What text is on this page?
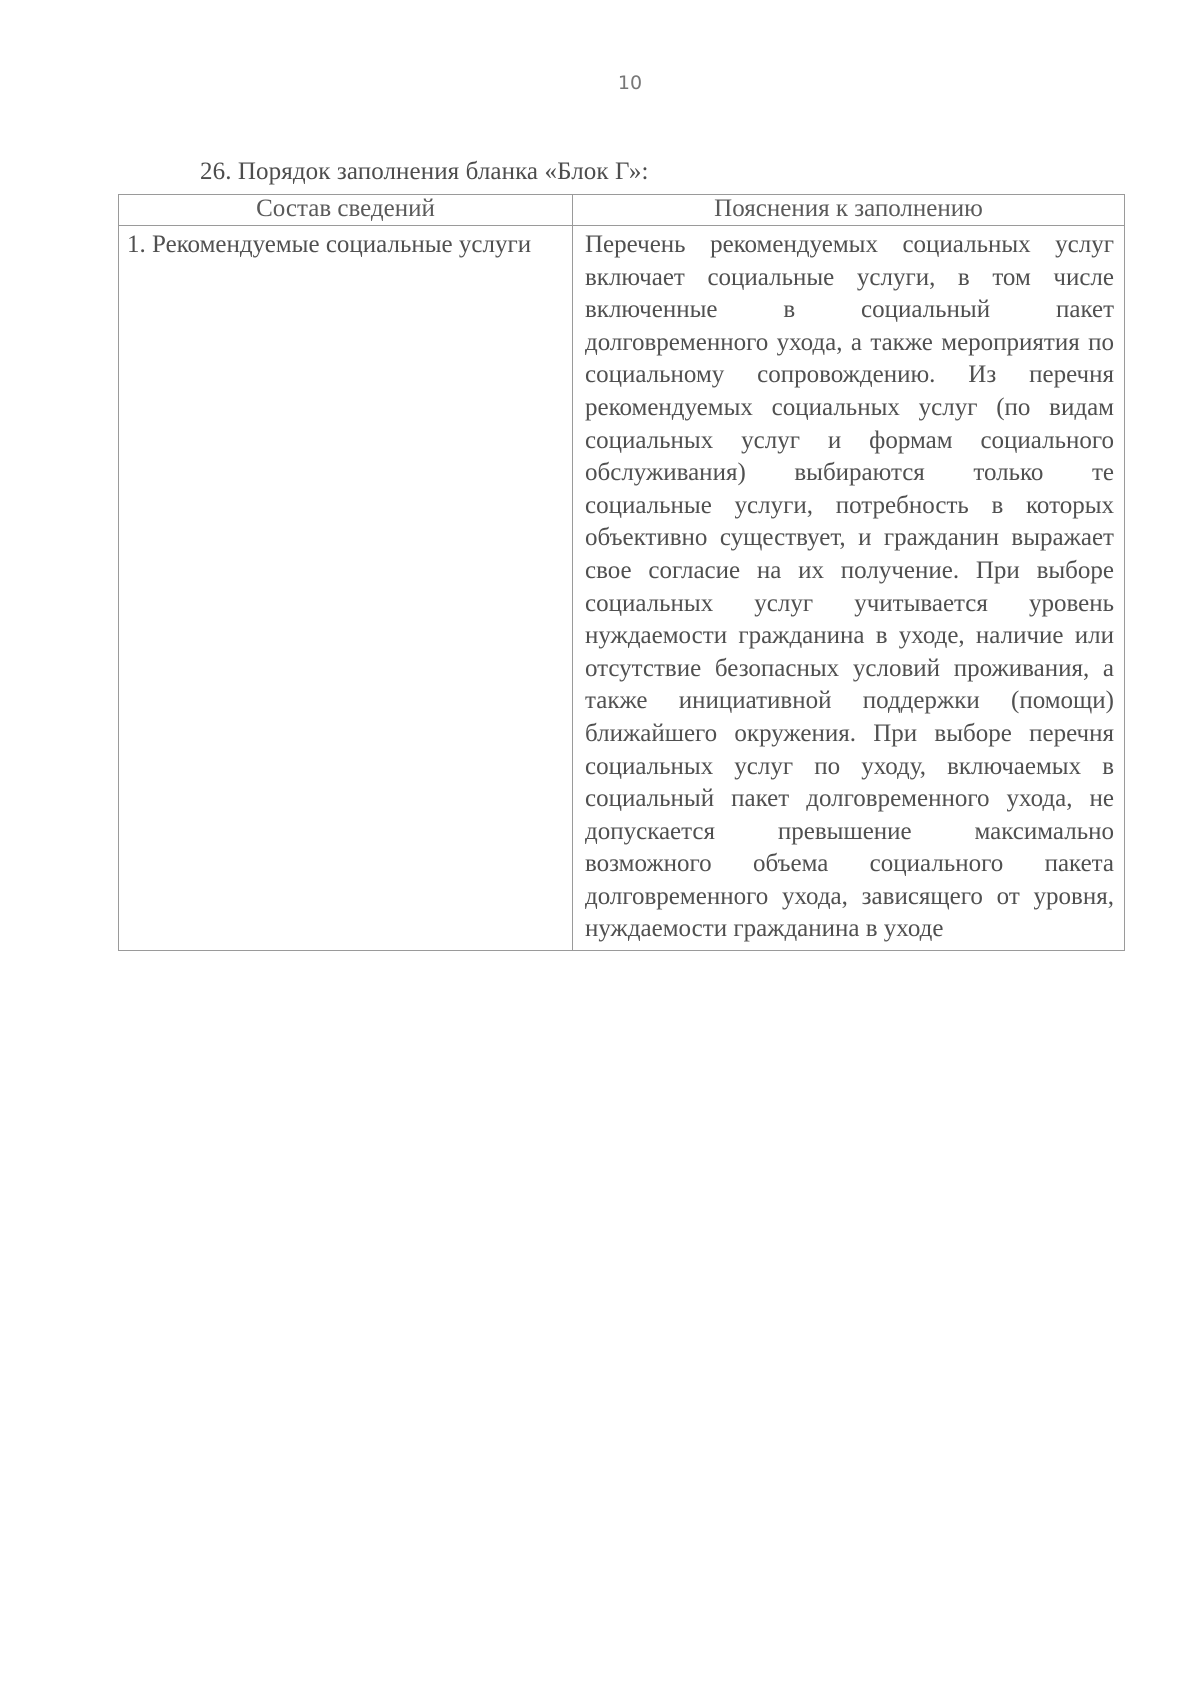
10
26. Порядок заполнения бланка «Блок Г»:
Состав сведений	Пояснения к заполнению
1. Рекомендуемые социальные услуги	Перечень рекомендуемых социальных услуг включает социальные услуги, в том числе включенные в социальный пакет долговременного ухода, а также мероприятия по социальному сопровождению. Из перечня рекомендуемых социальных услуг (по видам социальных услуг и формам социального обслуживания) выбираются только те социальные услуги, потребность в которых объективно существует, и гражданин выражает свое согласие на их получение. При выборе социальных услуг учитывается уровень нуждаемости гражданина в уходе, наличие или отсутствие безопасных условий проживания, а также инициативной поддержки (помощи) ближайшего окружения. При выборе перечня социальных услуг по уходу, включаемых в социальный пакет долговременного ухода, не допускается превышение максимально возможного объема социального пакета долговременного ухода, зависящего от уровня, нуждаемости гражданина в уходе
